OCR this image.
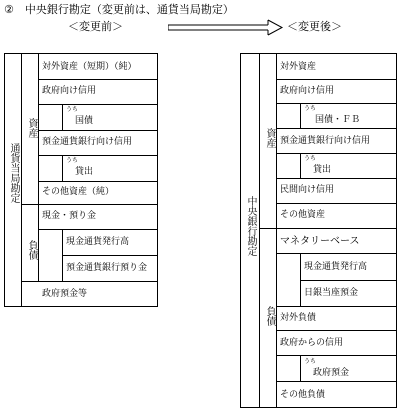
②　中央銀行勘定（変更前は、通貨当局勘定）
＜変更前＞	＜変更後＞
通貨当局勘定
資産
負債
対外資産（短期）（純）
政府向け信用
うち
国債
預金通貨銀行向け信用
うち
貸出
その他資産（純）
現金・預り金
現金通貨発行高
預金通貨銀行預り金
政府預金等
中央銀行勘定
資産
負債
対外資産
政府向け信用
うち
国債・ＦＢ
預金通貨銀行向け信用
うち
貸出
民間向け信用
その他資産
マネタリーベース
現金通貨発行高
日銀当座預金
対外負債
政府からの信用
うち
政府預金
その他負債
